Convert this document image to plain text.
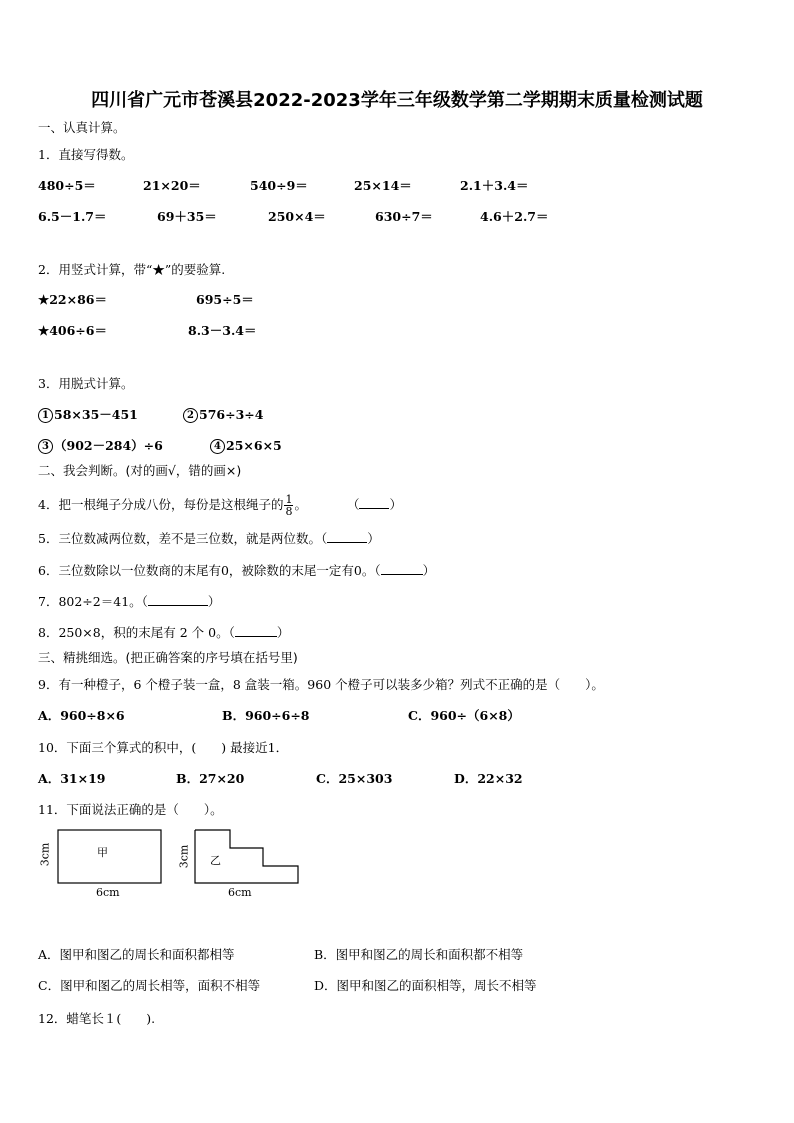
四川省广元市苍溪县2022-2023学年三年级数学第二学期期末质量检测试题
一、认真计算。
1．直接写得数。
480÷5＝	21×20＝	540÷9＝	25×14＝	2.1＋3.4＝
6.5－1.7＝	69＋35＝	250×4＝	630÷7＝	4.6＋2.7＝
2．用竖式计算，带“★”的要验算.
★22×86＝	695÷5＝
★406÷6＝	8.3－3.4＝
3．用脱式计算。
1 58×35－451	2 576÷3÷4
3 （902－284）÷6	4 25×6×5
二、我会判断。(对的画√，错的画×)
4．把一根绳子分成八份，每份是这根绳子的 $\frac{1}{8}$ 。	（ ）
5．三位数减两位数，差不是三位数，就是两位数。（	）
6．三位数除以一位数商的末尾有0，被除数的末尾一定有0。（	）
7．802÷2＝41。（	）
8．250×8，积的末尾有 2 个 0。（	）
三、精挑细选。(把正确答案的序号填在括号里)
9．有一种橙子，6 个橙子装一盒，8 盒装一箱。960 个橙子可以装多少箱？列式不正确的是（　　）。
A．960÷8×6	B．960÷6÷8	C．960÷（6×8）
10．下面三个算式的积中，(　　) 最接近1．
A．31×19	B．27×20	C．25×303	D．22×32
11．下面说法正确的是（　　）。
甲
3cm
6cm
乙
3cm
6cm
A．图甲和图乙的周长和面积都相等	B．图甲和图乙的周长和面积都不相等
C．图甲和图乙的周长相等，面积不相等	D．图甲和图乙的面积相等，周长不相等
12．蜡笔长１(　　).
